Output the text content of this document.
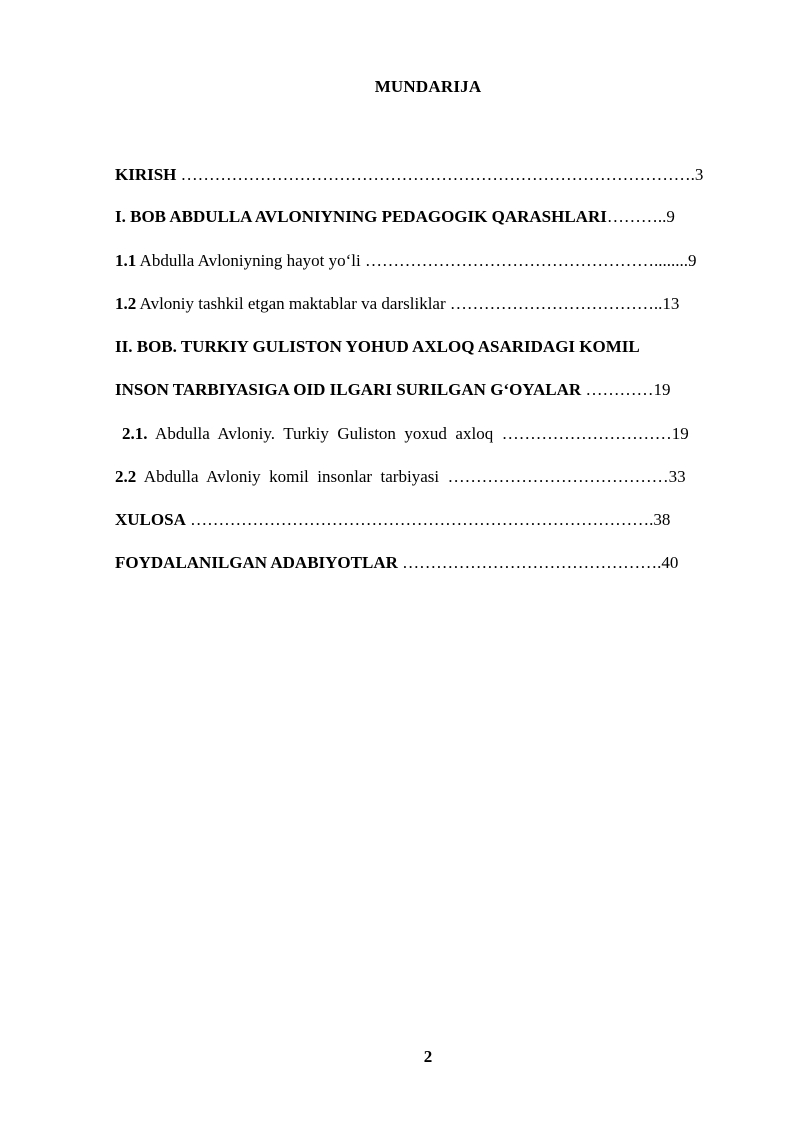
MUNDARIJA
KIRISH ……………………………………………………………………………….3
I. BOB ABDULLA AVLONIYNING PEDAGOGIK QARASHLARI………..9
1.1 Abdulla Avloniyning hayot yo‘li ……………………………………………........9
1.2 Avloniy tashkil etgan maktablar va darsliklar ………………………………..13
II. BOB. TURKIY GULISTON YOHUD AXLOQ ASARIDAGI KOMIL
INSON TARBIYASIGA OID ILGARI SURILGAN G‘OYALAR …………19
2.1.  Abdulla  Avloniy.  Turkiy  Guliston  yoxud  axloq  …………………………19
2.2  Abdulla  Avloniy  komil  insonlar  tarbiyasi  …………………………………33
XULOSA ……………………………………………………………………….38
FOYDALANILGAN ADABIYOTLAR ……………………………………….40
2
